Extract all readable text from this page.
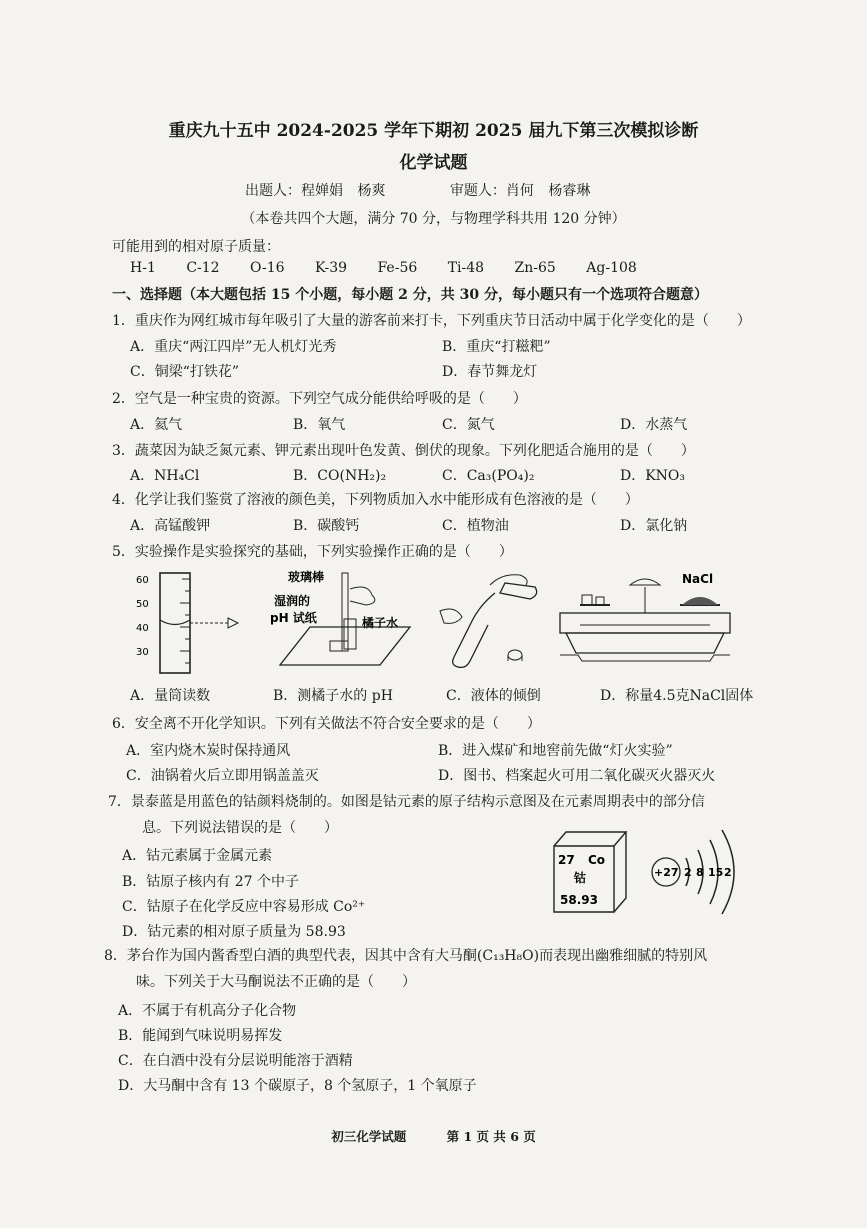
重庆九十五中 2024-2025 学年下期初 2025 届九下第三次模拟诊断
化学试题
出题人：程婵娟 杨爽	审题人：肖何 杨睿琳
（本卷共四个大题，满分 70 分，与物理学科共用 120 分钟）
可能用到的相对原子质量：
H-1 C-12 O-16 K-39 Fe-56 Ti-48 Zn-65 Ag-108
一、选择题（本大题包括 15 个小题，每小题 2 分，共 30 分，每小题只有一个选项符合题意）
1．重庆作为网红城市每年吸引了大量的游客前来打卡，下列重庆节日活动中属于化学变化的是（　　）
A．重庆“两江四岸”无人机灯光秀	B．重庆“打糍粑”
C．铜梁“打铁花”	D．春节舞龙灯
2．空气是一种宝贵的资源。下列空气成分能供给呼吸的是（　　）
A．氦气	B．氧气	C．氮气	D．水蒸气
3．蔬菜因为缺乏氮元素、钾元素出现叶色发黄、倒伏的现象。下列化肥适合施用的是（　　）
A．NH₄Cl	B．CO(NH₂)₂	C．Ca₃(PO₄)₂	D．KNO₃
4．化学让我们鉴赏了溶液的颜色美，下列物质加入水中能形成有色溶液的是（　　）
A．高锰酸钾	B．碳酸钙	C．植物油	D．氯化钠
5．实验操作是实验探究的基础，下列实验操作正确的是（　　）
60
50
40
30
玻璃棒
湿润的
pH 试纸	橘子水
NaCl
A．量筒读数	B．测橘子水的 pH	C．液体的倾倒	D．称量4.5克NaCl固体
6．安全离不开化学知识。下列有关做法不符合安全要求的是（　　）
A．室内烧木炭时保持通风	B．进入煤矿和地窖前先做“灯火实验”
C．油锅着火后立即用锅盖盖灭	D．图书、档案起火可用二氧化碳灭火器灭火
7．景泰蓝是用蓝色的钴颜料烧制的。如图是钴元素的原子结构示意图及在元素周期表中的部分信
息。下列说法错误的是（　　）
A．钴元素属于金属元素
B．钴原子核内有 27 个中子
C．钴原子在化学反应中容易形成 Co²⁺
D．钴元素的相对原子质量为 58.93
27 Co
钴
58.93
+27 2 8 15 2
8．茅台作为国内酱香型白酒的典型代表，因其中含有大马酮(C₁₃H₈O)而表现出幽雅细腻的特别风
味。下列关于大马酮说法不正确的是（　　）
A．不属于有机高分子化合物
B．能闻到气味说明易挥发
C．在白酒中没有分层说明能溶于酒精
D．大马酮中含有 13 个碳原子，8 个氢原子，1 个氧原子
初三化学试题	第 1 页 共 6 页
